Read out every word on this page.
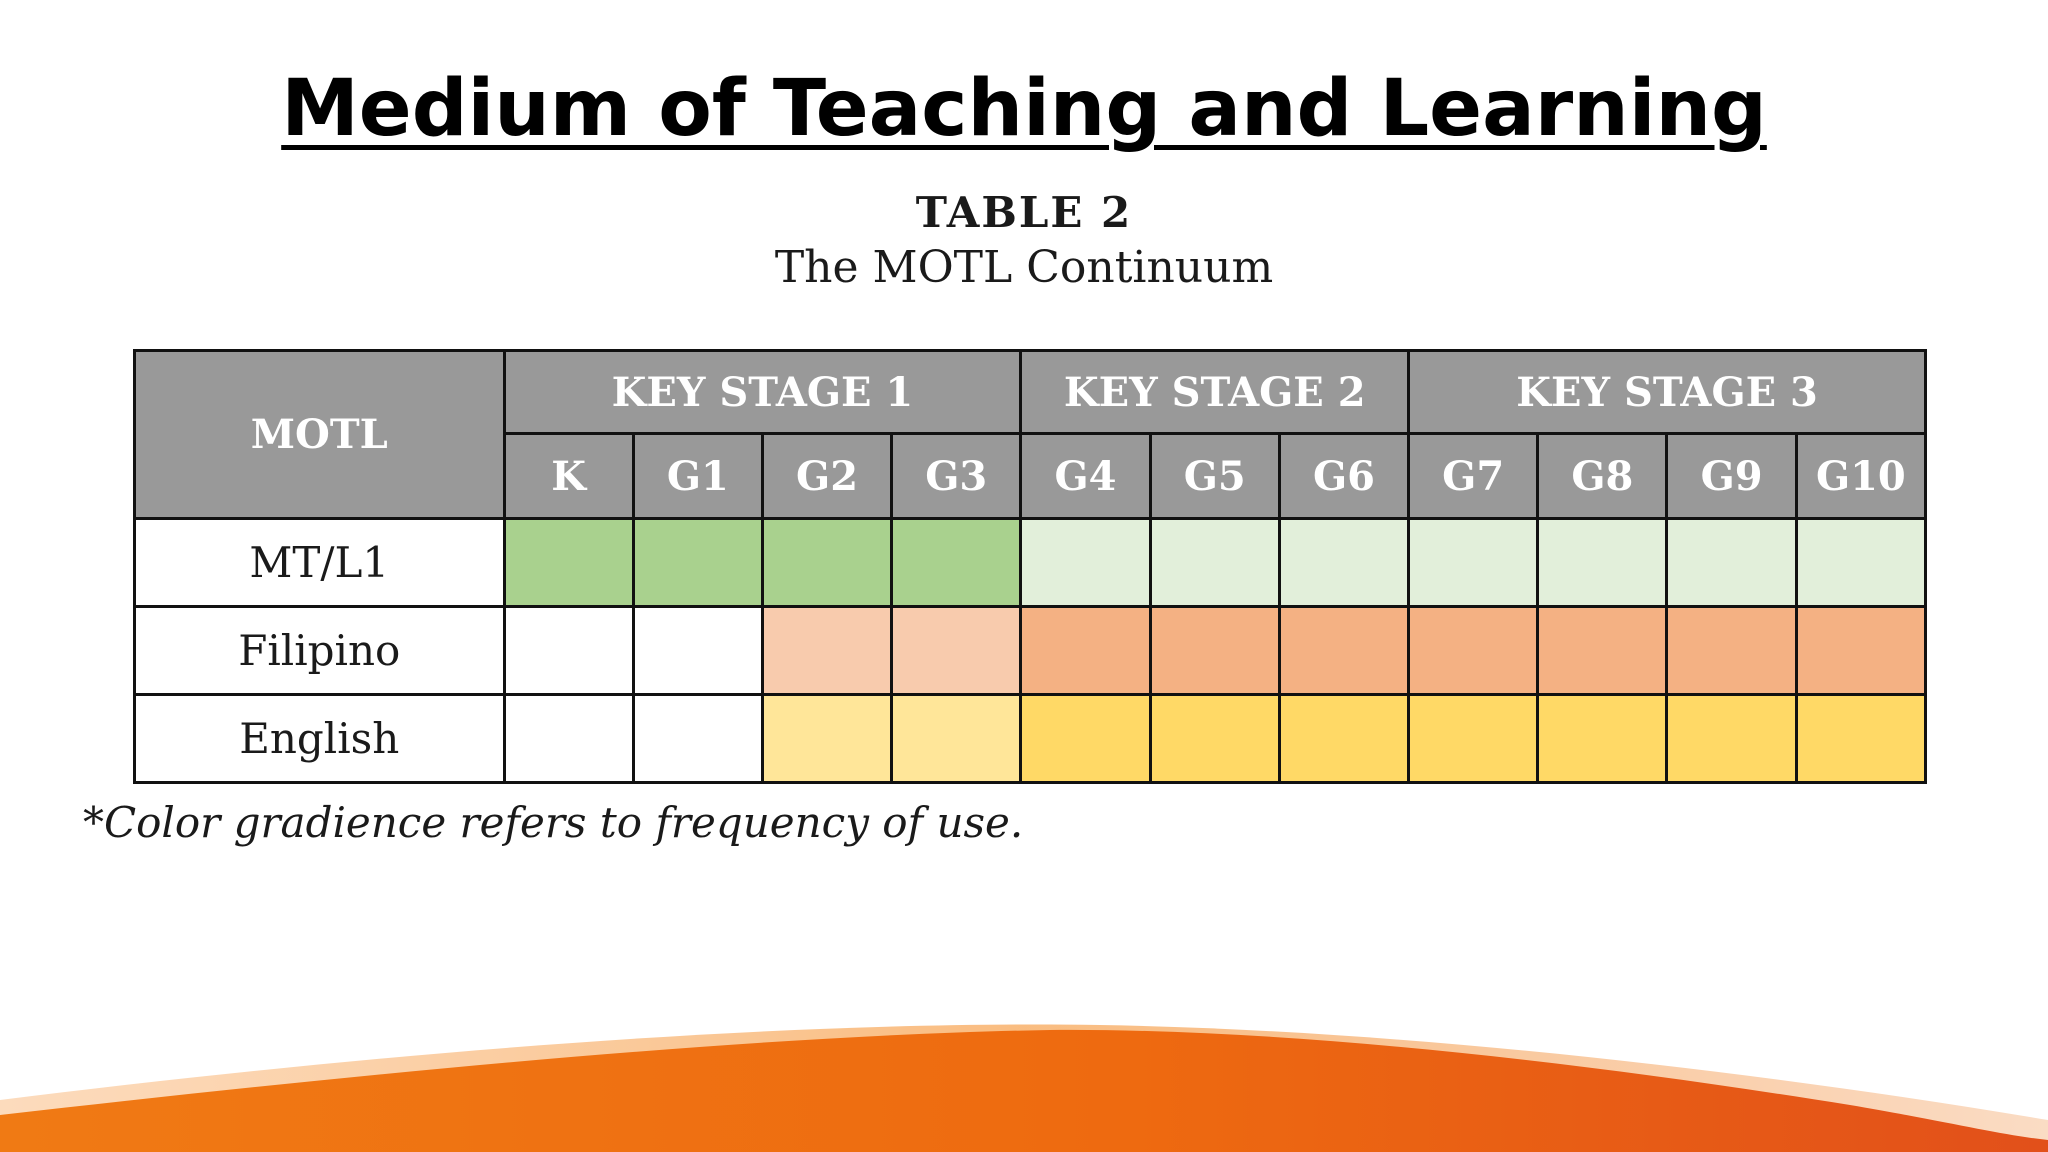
Medium of Teaching and Learning
TABLE 2
The MOTL Continuum
MOTL	KEY STAGE 1				KEY STAGE 2			KEY STAGE 3			
	K	G1	G2	G3	G4	G5	G6	G7	G8	G9	G10
MT/L1											
Filipino											
English											
*Color gradience refers to frequency of use.
